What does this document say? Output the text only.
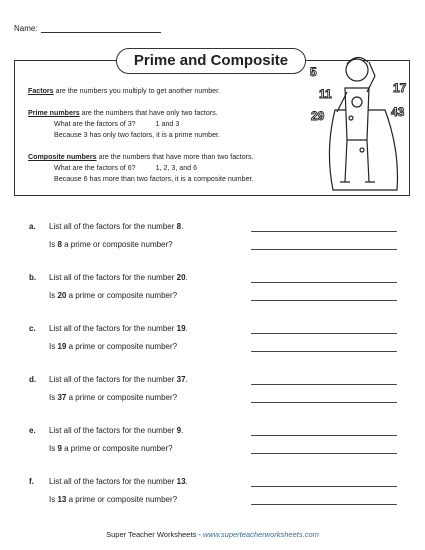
Name:
Prime and Composite
Factors are the numbers you multiply to get another number.
Prime numbers are the numbers that have only two factors.
What are the factors of 3?	1 and 3
Because 3 has only two factors, it is a prime number.
Composite numbers are the numbers that have more than two factors.
What are the factors of 6?	1, 2, 3, and 6
Because 6 has more than two factors, it is a composite number.
5
11	17
29	43
a. List all of the factors for the number 8.
Is 8 a prime or composite number?
b. List all of the factors for the number 20.
Is 20 a prime or composite number?
c. List all of the factors for the number 19.
Is 19 a prime or composite number?
d. List all of the factors for the number 37.
Is 37 a prime or composite number?
e. List all of the factors for the number 9.
Is 9 a prime or composite number?
f. List all of the factors for the number 13.
Is 13 a prime or composite number?
Super Teacher Worksheets - www.superteacherworksheets.com
